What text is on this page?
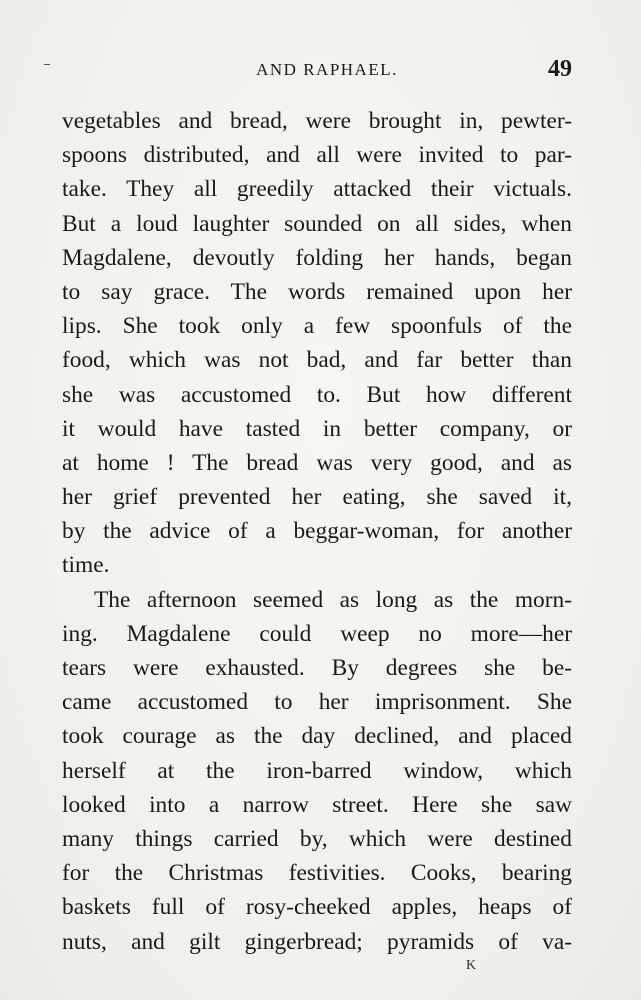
AND RAPHAEL.	49
vegetables and bread, were brought in, pewter-
spoons distributed, and all were invited to par-
take. They all greedily attacked their victuals.
But a loud laughter sounded on all sides, when
Magdalene, devoutly folding her hands, began
to say grace. The words remained upon her
lips. She took only a few spoonfuls of the
food, which was not bad, and far better than
she was accustomed to. But how different
it would have tasted in better company, or
at home ! The bread was very good, and as
her grief prevented her eating, she saved it,
by the advice of a beggar-woman, for another
time.
The afternoon seemed as long as the morn-
ing. Magdalene could weep no more—her
tears were exhausted. By degrees she be-
came accustomed to her imprisonment. She
took courage as the day declined, and placed
herself at the iron-barred window, which
looked into a narrow street. Here she saw
many things carried by, which were destined
for the Christmas festivities. Cooks, bearing
baskets full of rosy-cheeked apples, heaps of
nuts, and gilt gingerbread; pyramids of va-
K
